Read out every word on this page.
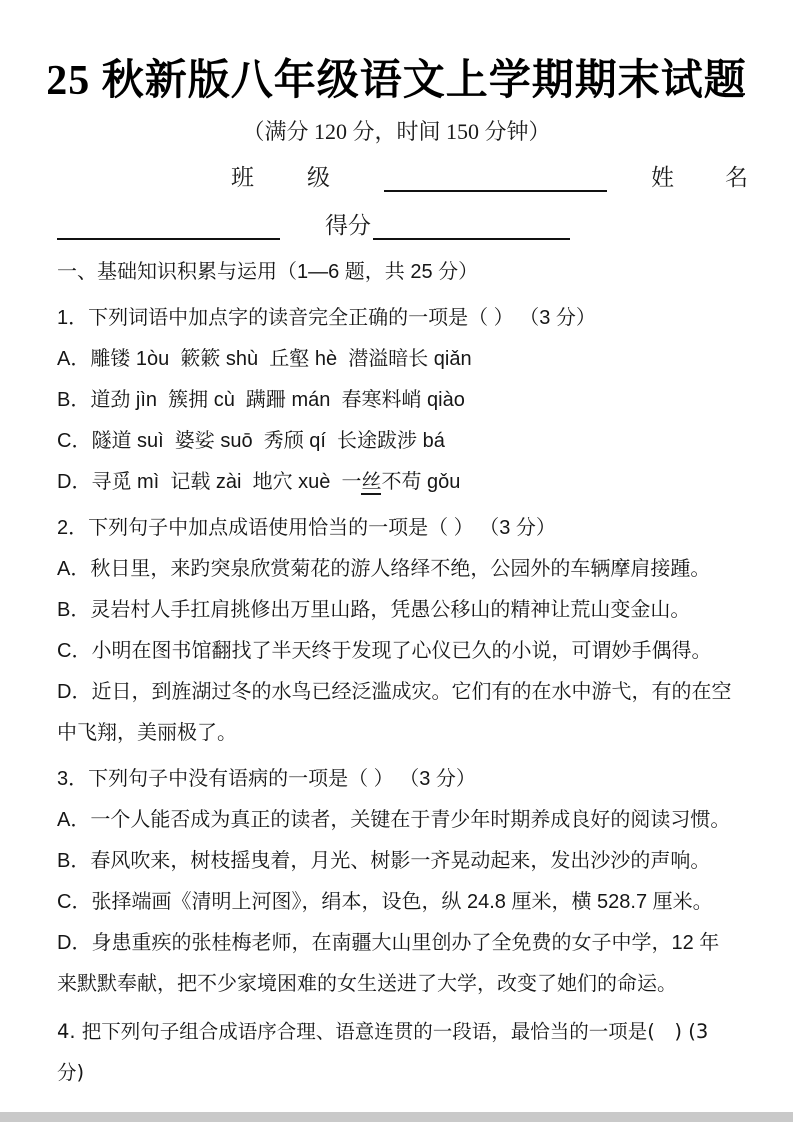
25 秋新版八年级语文上学期期末试题
（满分 120 分，时间 150 分钟）
班 级	姓 名
得分

一、基础知识积累与运用（1—6 题，共 25 分）

1．下列词语中加点字的读音完全正确的一项是（ ） （3 分）

A．雕镂 1òu  簌簌 shù  丘壑 hè  潜溢暗长 qiǎn

B．道劲 jìn  簇拥 cù  蹒跚 mán  春寒料峭 qiào

C．隧道 suì  婆娑 suō  秀颀 qí  长途跋涉 bá

D．寻觅 mì  记载 zài  地穴 xuè  一丝不苟 gǒu

2．下列句子中加点成语使用恰当的一项是（ ） （3 分）

A．秋日里，来趵突泉欣赏菊花的游人络绎不绝，公园外的车辆摩肩接踵。

B．灵岩村人手扛肩挑修出万里山路，凭愚公移山的精神让荒山变金山。

C．小明在图书馆翻找了半天终于发现了心仪已久的小说，可谓妙手偶得。

D．近日，到旌湖过冬的水鸟已经泛滥成灾。它们有的在水中游弋，有的在空中飞翔，美丽极了。

3．下列句子中没有语病的一项是（ ） （3 分）

A．一个人能否成为真正的读者，关键在于青少年时期养成良好的阅读习惯。

B．春风吹来，树枝摇曳着，月光、树影一齐晃动起来，发出沙沙的声响。

C．张择端画《清明上河图》，绢本，设色，纵 24.8 厘米，横 528.7 厘米。

D．身患重疾的张桂梅老师，在南疆大山里创办了全免费的女子中学，12 年来默默奉献，把不少家境困难的女生送进了大学，改变了她们的命运。

4. 把下列句子组合成语序合理、语意连贯的一段语，最恰当的一项是(　) (3 分)
